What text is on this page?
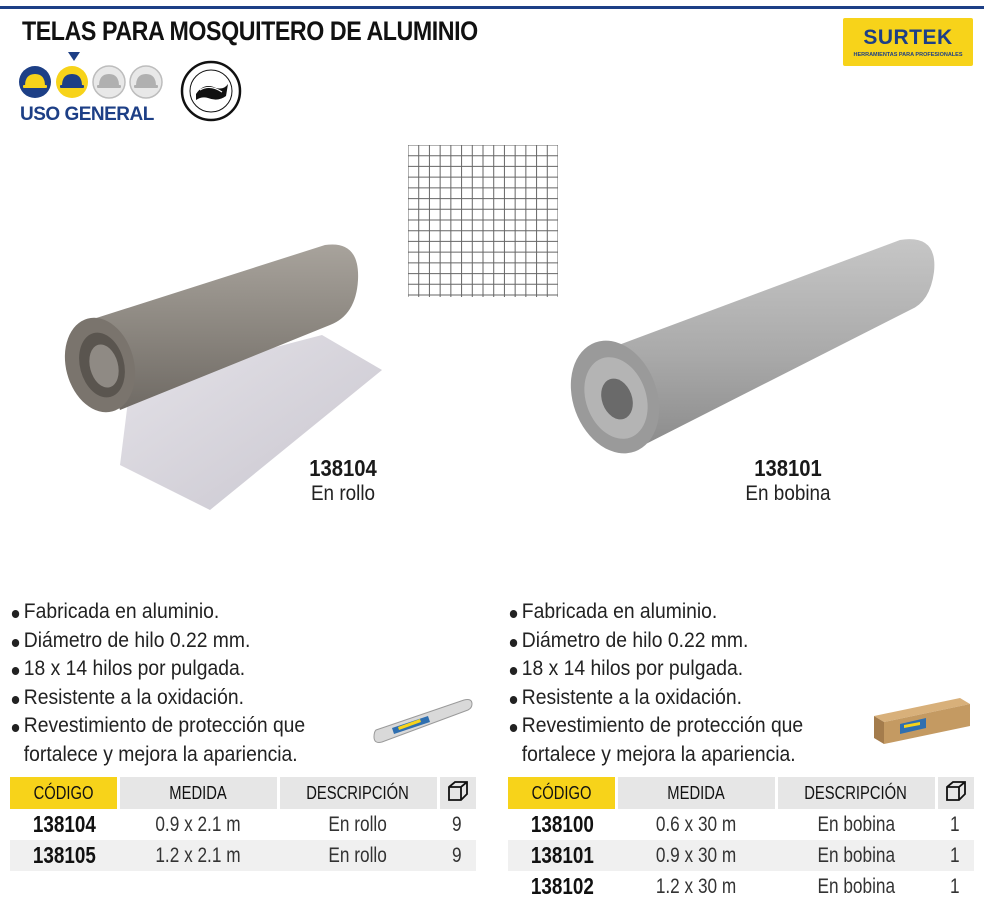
TELAS PARA MOSQUITERO DE ALUMINIO	SURTEK
HERRAMIENTAS PARA PROFESIONALES
USO GENERAL
138104
En rollo
138101
En bobina
Fabricada en aluminio.
Diámetro de hilo 0.22 mm.
18 x 14 hilos por pulgada.
Resistente a la oxidación.
Revestimiento de protección que
fortalece y mejora la apariencia.
Fabricada en aluminio.
Diámetro de hilo 0.22 mm.
18 x 14 hilos por pulgada.
Resistente a la oxidación.
Revestimiento de protección que
fortalece y mejora la apariencia.
CÓDIGO	MEDIDA	DESCRIPCIÓN	
138104	0.9 x 2.1 m	En rollo	9
138105	1.2 x 2.1 m	En rollo	9
CÓDIGO	MEDIDA	DESCRIPCIÓN	
138100	0.6 x 30 m	En bobina	1
138101	0.9 x 30 m	En bobina	1
138102	1.2 x 30 m	En bobina	1
